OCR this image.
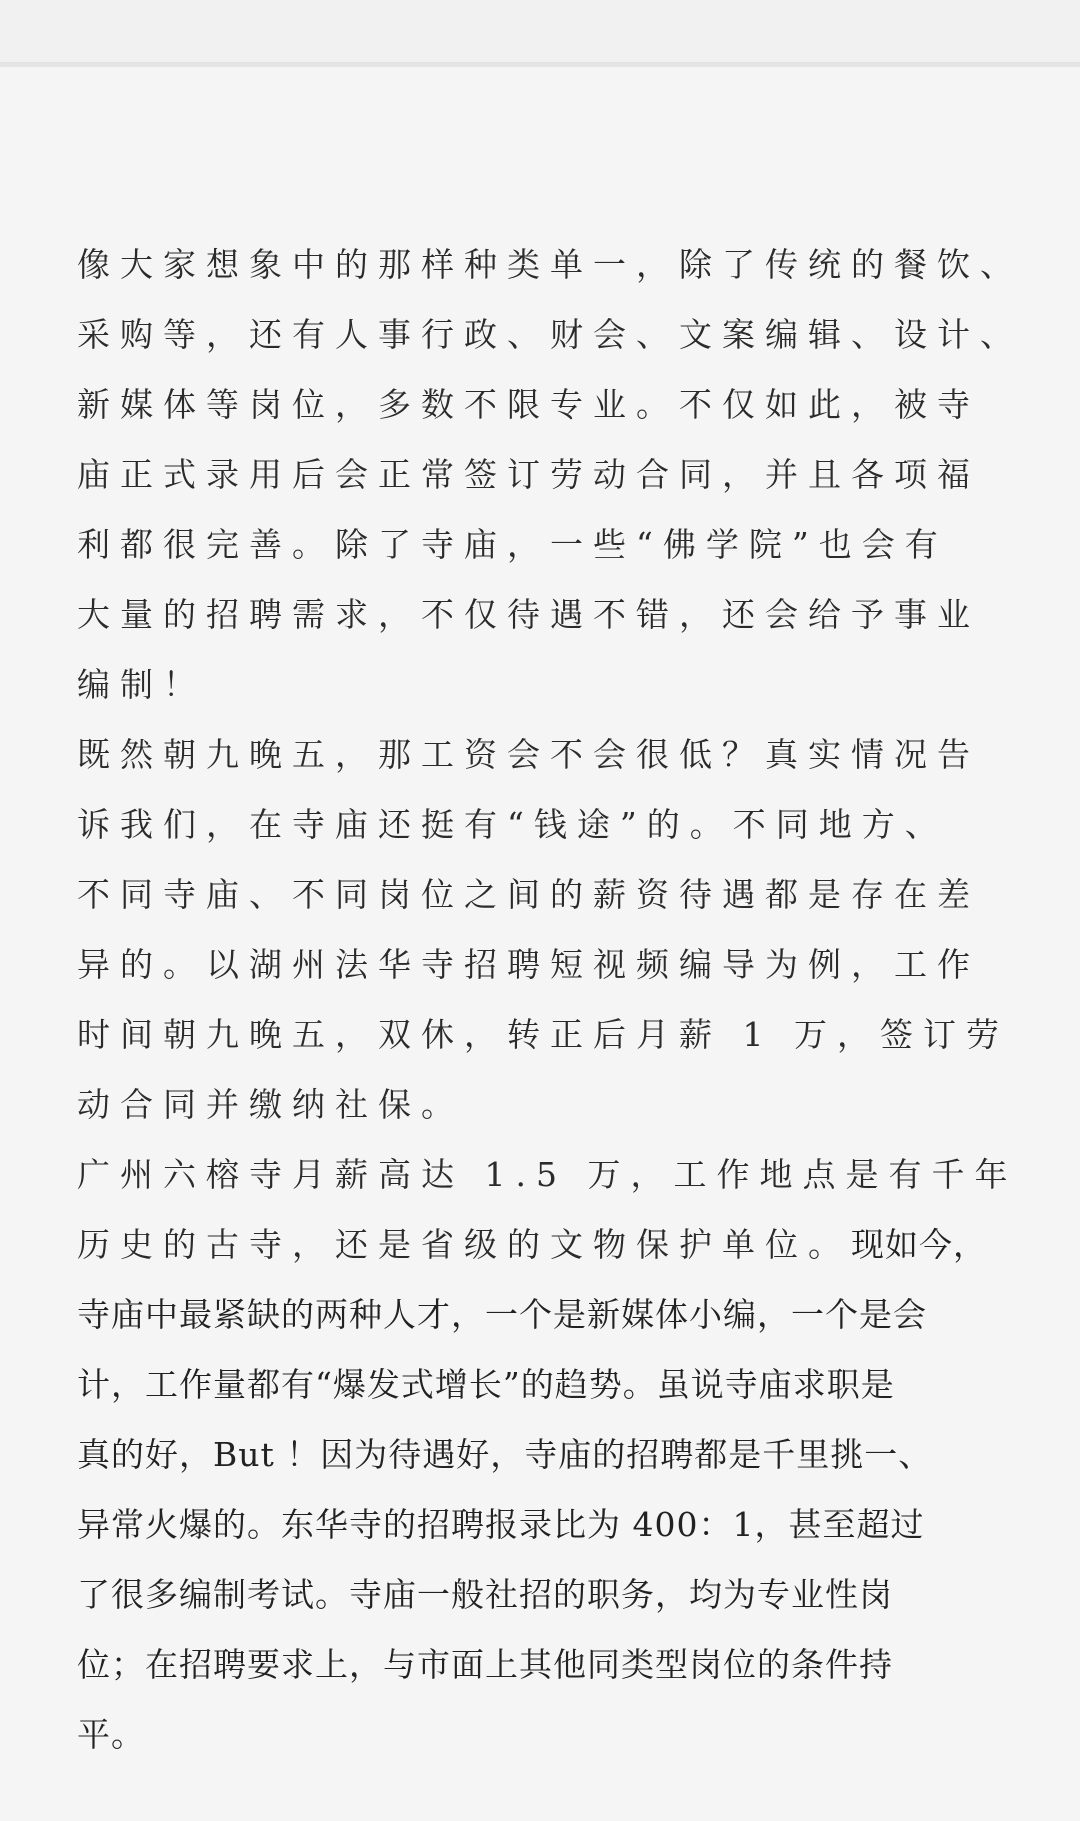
像大家想象中的那样种类单一，除了传统的餐饮、
采购等，还有人事行政、财会、文案编辑、设计、
新媒体等岗位，多数不限专业。不仅如此，被寺
庙正式录用后会正常签订劳动合同，并且各项福
利都很完善。除了寺庙，一些“佛学院”也会有
大量的招聘需求，不仅待遇不错，还会给予事业
编制！
既然朝九晚五，那工资会不会很低？真实情况告
诉我们，在寺庙还挺有“钱途”的。不同地方、
不同寺庙、不同岗位之间的薪资待遇都是存在差
异的。以湖州法华寺招聘短视频编导为例，工作
时间朝九晚五，双休，转正后月薪 1 万，签订劳
动合同并缴纳社保。
广州六榕寺月薪高达 1.5 万，工作地点是有千年
历史的古寺，还是省级的文物保护单位。现如今，
寺庙中最紧缺的两种人才，一个是新媒体小编，一个是会
计，工作量都有“爆发式增长”的趋势。虽说寺庙求职是
真的好，But ！因为待遇好，寺庙的招聘都是千里挑一、
异常火爆的。东华寺的招聘报录比为 400：1，甚至超过
了很多编制考试。寺庙一般社招的职务，均为专业性岗
位；在招聘要求上，与市面上其他同类型岗位的条件持
平。
